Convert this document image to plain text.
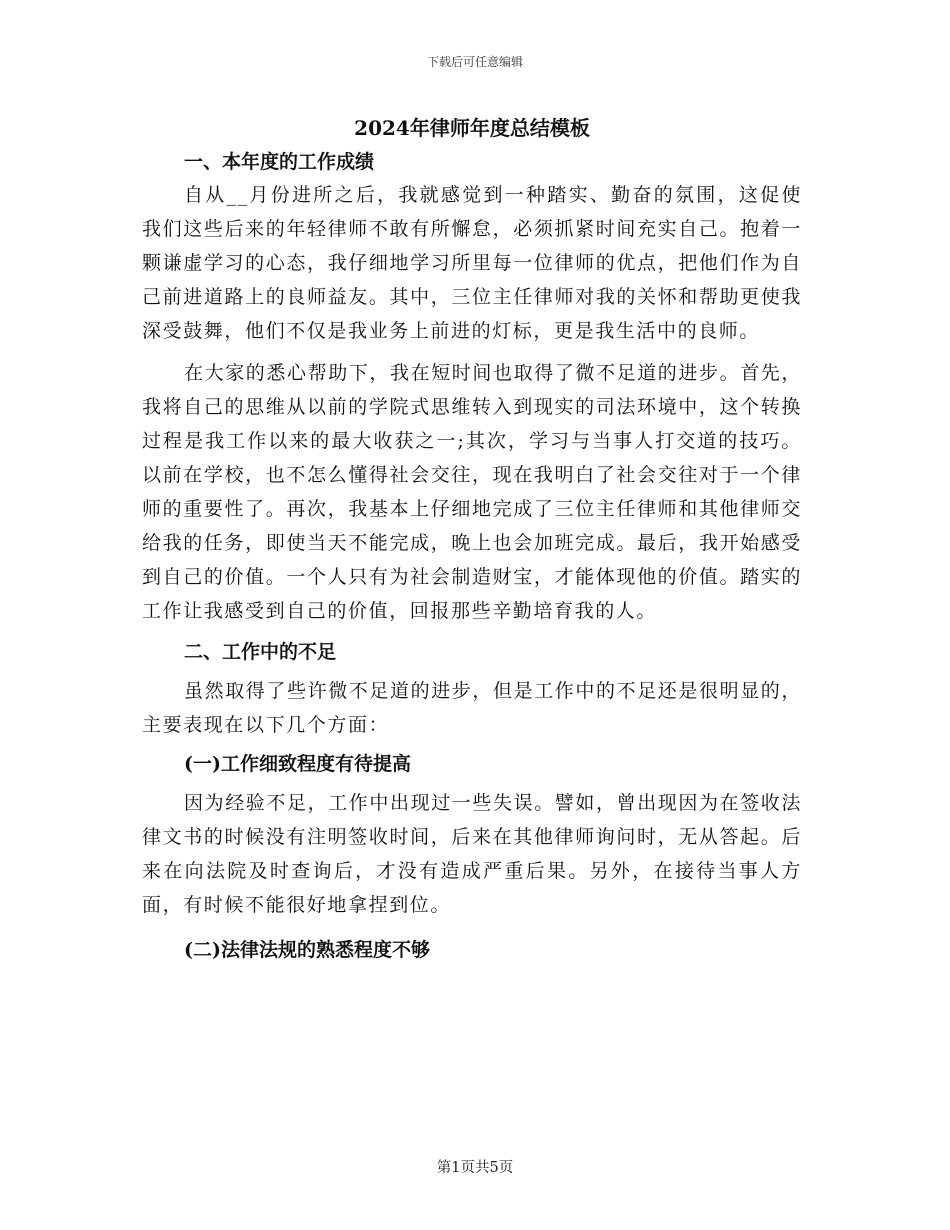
下载后可任意编辑
2024年律师年度总结模板
一、本年度的工作成绩

自从__月份进所之后，我就感觉到一种踏实、勤奋的氛围，这促使我们这些后来的年轻律师不敢有所懈怠，必须抓紧时间充实自己。抱着一颗谦虚学习的心态，我仔细地学习所里每一位律师的优点，把他们作为自己前进道路上的良师益友。其中，三位主任律师对我的关怀和帮助更使我深受鼓舞，他们不仅是我业务上前进的灯标，更是我生活中的良师。

在大家的悉心帮助下，我在短时间也取得了微不足道的进步。首先，我将自己的思维从以前的学院式思维转入到现实的司法环境中，这个转换过程是我工作以来的最大收获之一;其次，学习与当事人打交道的技巧。以前在学校，也不怎么懂得社会交往，现在我明白了社会交往对于一个律师的重要性了。再次，我基本上仔细地完成了三位主任律师和其他律师交给我的任务，即使当天不能完成，晚上也会加班完成。最后，我开始感受到自己的价值。一个人只有为社会制造财宝，才能体现他的价值。踏实的工作让我感受到自己的价值，回报那些辛勤培育我的人。

二、工作中的不足

虽然取得了些许微不足道的进步，但是工作中的不足还是很明显的，主要表现在以下几个方面：

(一)工作细致程度有待提高

因为经验不足，工作中出现过一些失误。譬如，曾出现因为在签收法律文书的时候没有注明签收时间，后来在其他律师询问时，无从答起。后来在向法院及时查询后，才没有造成严重后果。另外，在接待当事人方面，有时候不能很好地拿捏到位。

(二)法律法规的熟悉程度不够
第1页共5页
